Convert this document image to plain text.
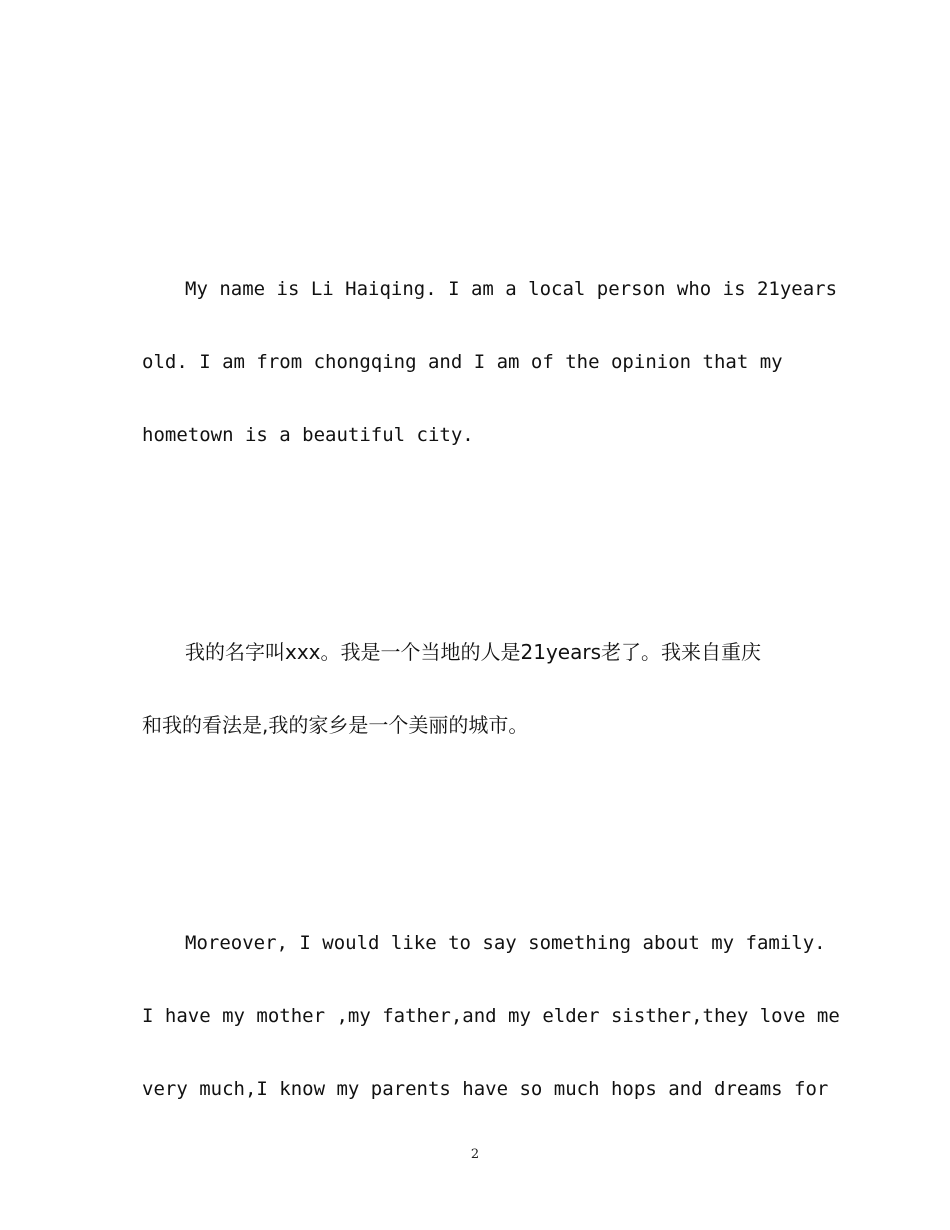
My name is Li Haiqing. I am a local person who is 21years
old. I am from chongqing and I am of the opinion that my
hometown is a beautiful city.
我的名字叫xxx。我是一个当地的人是21years老了。我来自重庆
和我的看法是,我的家乡是一个美丽的城市。
Moreover, I would like to say something about my family.
I have my mother ,my father,and my elder sisther,they love me
very much,I know my parents have so much hops and dreams for
2
